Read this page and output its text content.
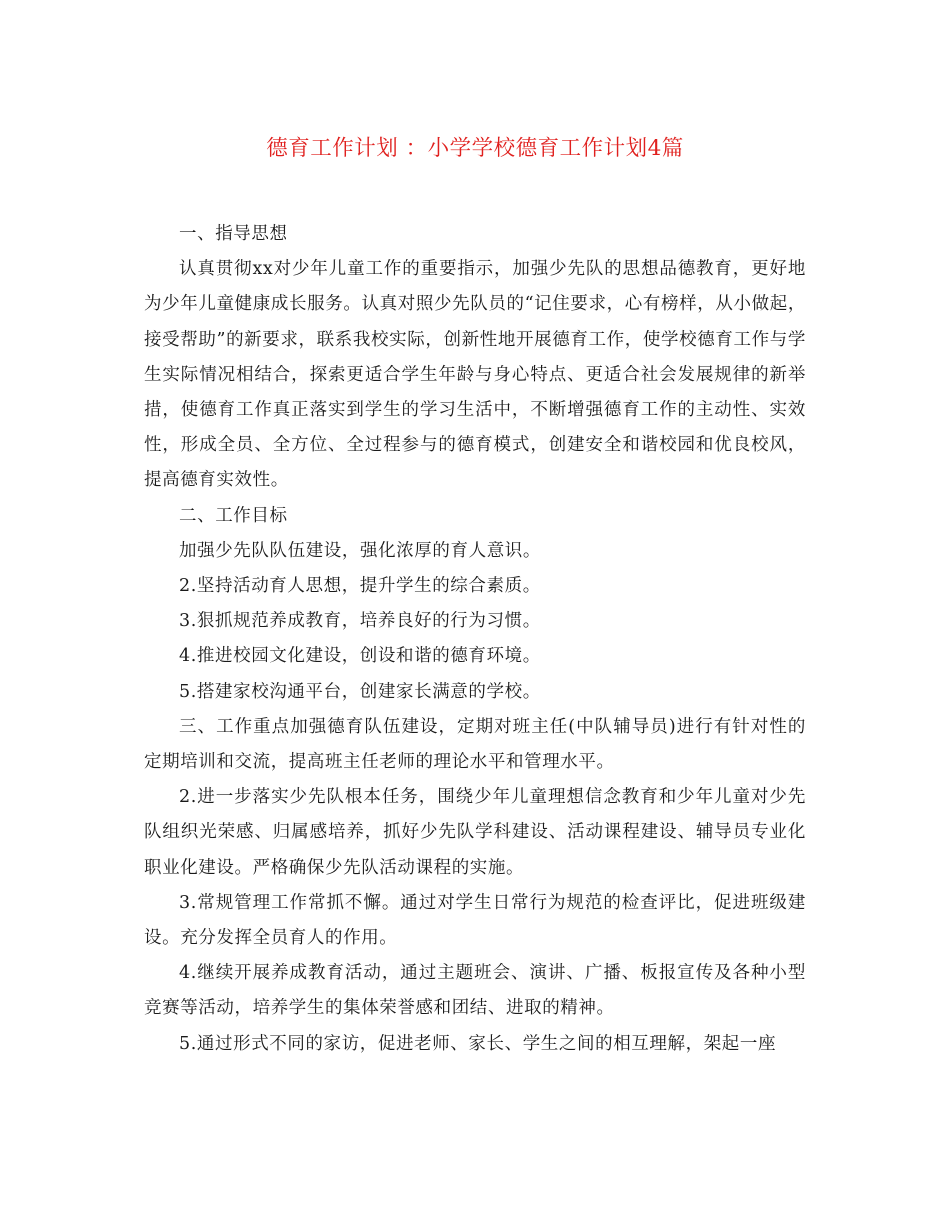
德育工作计划 ：小学学校德育工作计划4篇

一、指导思想

认真贯彻xx对少年儿童工作的重要指示，加强少先队的思想品德教育，更好地为少年儿童健康成长服务。认真对照少先队员的“记住要求，心有榜样，从小做起，接受帮助”的新要求，联系我校实际，创新性地开展德育工作，使学校德育工作与学生实际情况相结合，探索更适合学生年龄与身心特点、更适合社会发展规律的新举措，使德育工作真正落实到学生的学习生活中，不断增强德育工作的主动性、实效性，形成全员、全方位、全过程参与的德育模式，创建安全和谐校园和优良校风，提高德育实效性。

二、工作目标

加强少先队队伍建设，强化浓厚的育人意识。

2.坚持活动育人思想，提升学生的综合素质。

3.狠抓规范养成教育，培养良好的行为习惯。

4.推进校园文化建设，创设和谐的德育环境。

5.搭建家校沟通平台，创建家长满意的学校。

三、工作重点加强德育队伍建设，定期对班主任(中队辅导员)进行有针对性的定期培训和交流，提高班主任老师的理论水平和管理水平。

2.进一步落实少先队根本任务，围绕少年儿童理想信念教育和少年儿童对少先队组织光荣感、归属感培养，抓好少先队学科建设、活动课程建设、辅导员专业化职业化建设。严格确保少先队活动课程的实施。

3.常规管理工作常抓不懈。通过对学生日常行为规范的检查评比，促进班级建设。充分发挥全员育人的作用。

4.继续开展养成教育活动，通过主题班会、演讲、广播、板报宣传及各种小型竞赛等活动，培养学生的集体荣誉感和团结、进取的精神。

5.通过形式不同的家访，促进老师、家长、学生之间的相互理解，架起一座
